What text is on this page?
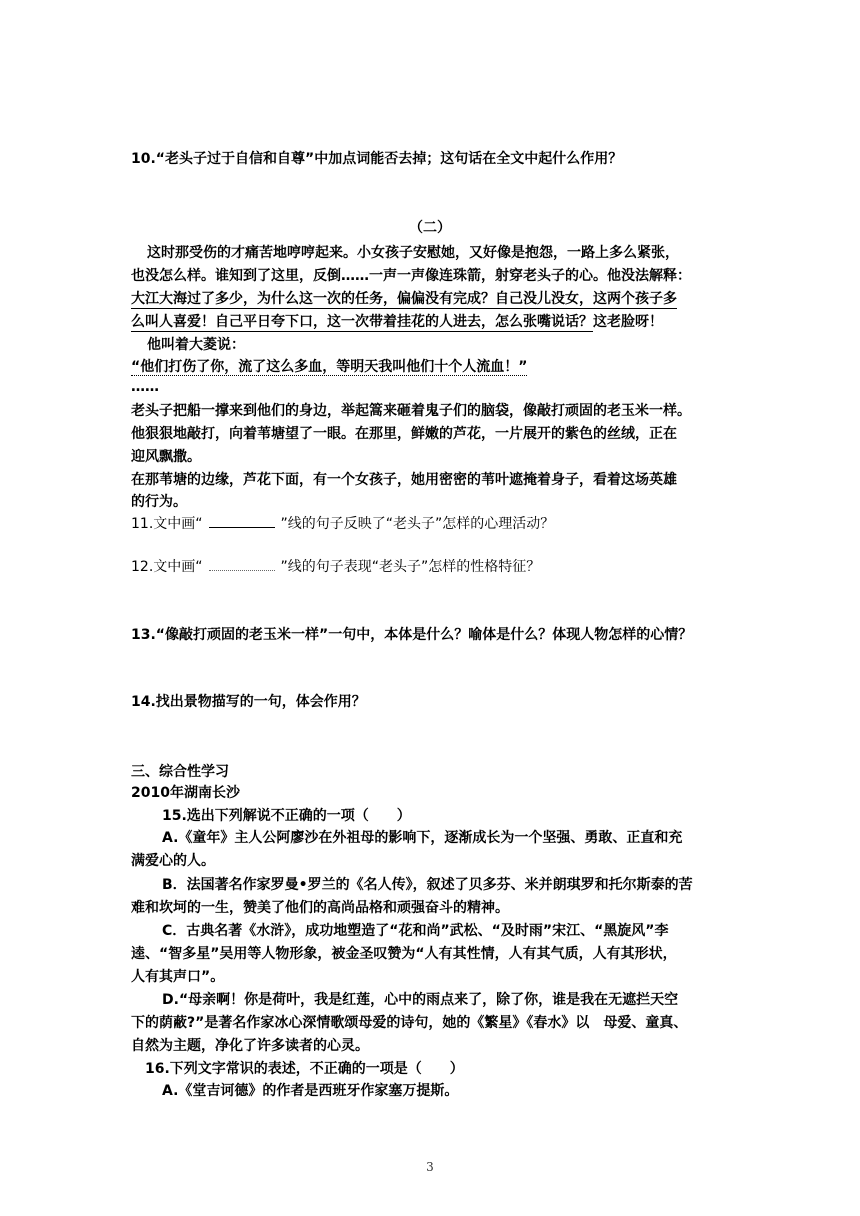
10.“老头子过于自信和自尊”中加点词能否去掉；这句话在全文中起什么作用？
（二）
这时那受伤的才痛苦地哼哼起来。小女孩子安慰她，又好像是抱怨，一路上多么紧张，
也没怎么样。谁知到了这里，反倒……一声一声像连珠箭，射穿老头子的心。他没法解释：
大江大海过了多少，为什么这一次的任务，偏偏没有完成？自己没儿没女，这两个孩子多
么叫人喜爱！自己平日夸下口，这一次带着挂花的人进去，怎么张嘴说话？这老脸呀！
他叫着大菱说：
“他们打伤了你，流了这么多血，等明天我叫他们十个人流血！”
……
老头子把船一撑来到他们的身边，举起篙来砸着鬼子们的脑袋，像敲打顽固的老玉米一样。
他狠狠地敲打，向着苇塘望了一眼。在那里，鲜嫩的芦花，一片展开的紫色的丝绒，正在
迎风飘撒。
在那苇塘的边缘，芦花下面，有一个女孩子，她用密密的苇叶遮掩着身子，看着这场英雄
的行为。
11.文中画“	”线的句子反映了“老头子”怎样的心理活动？
12.文中画“	”线的句子表现“老头子”怎样的性格特征？
13.“像敲打顽固的老玉米一样”一句中，本体是什么？喻体是什么？体现人物怎样的心情？
14.找出景物描写的一句，体会作用？
三、综合性学习
2010年湖南长沙
15.选出下列解说不正确的一项（　　）
A.《童年》主人公阿廖沙在外祖母的影响下，逐渐成长为一个坚强、勇敢、正直和充
满爱心的人。
B．法国著名作家罗曼•罗兰的《名人传》，叙述了贝多芬、米并朗琪罗和托尔斯泰的苦
难和坎坷的一生，赞美了他们的高尚品格和顽强奋斗的精神。
C．古典名著《水浒》，成功地塑造了“花和尚”武松、“及时雨”宋江、“黑旋风”李
逵、“智多星”吴用等人物形象，被金圣叹赞为“人有其性情，人有其气质，人有其形状，
人有其声口”。
D.“母亲啊！你是荷叶，我是红莲，心中的雨点来了，除了你，谁是我在无遮拦天空
下的荫蔽?”是著名作家冰心深情歌颂母爱的诗句，她的《繁星》《春水》以　母爱、童真、
自然为主题，净化了许多读者的心灵。
16.下列文字常识的表述，不正确的一项是（　　）
A.《堂吉诃德》的作者是西班牙作家塞万提斯。
3
